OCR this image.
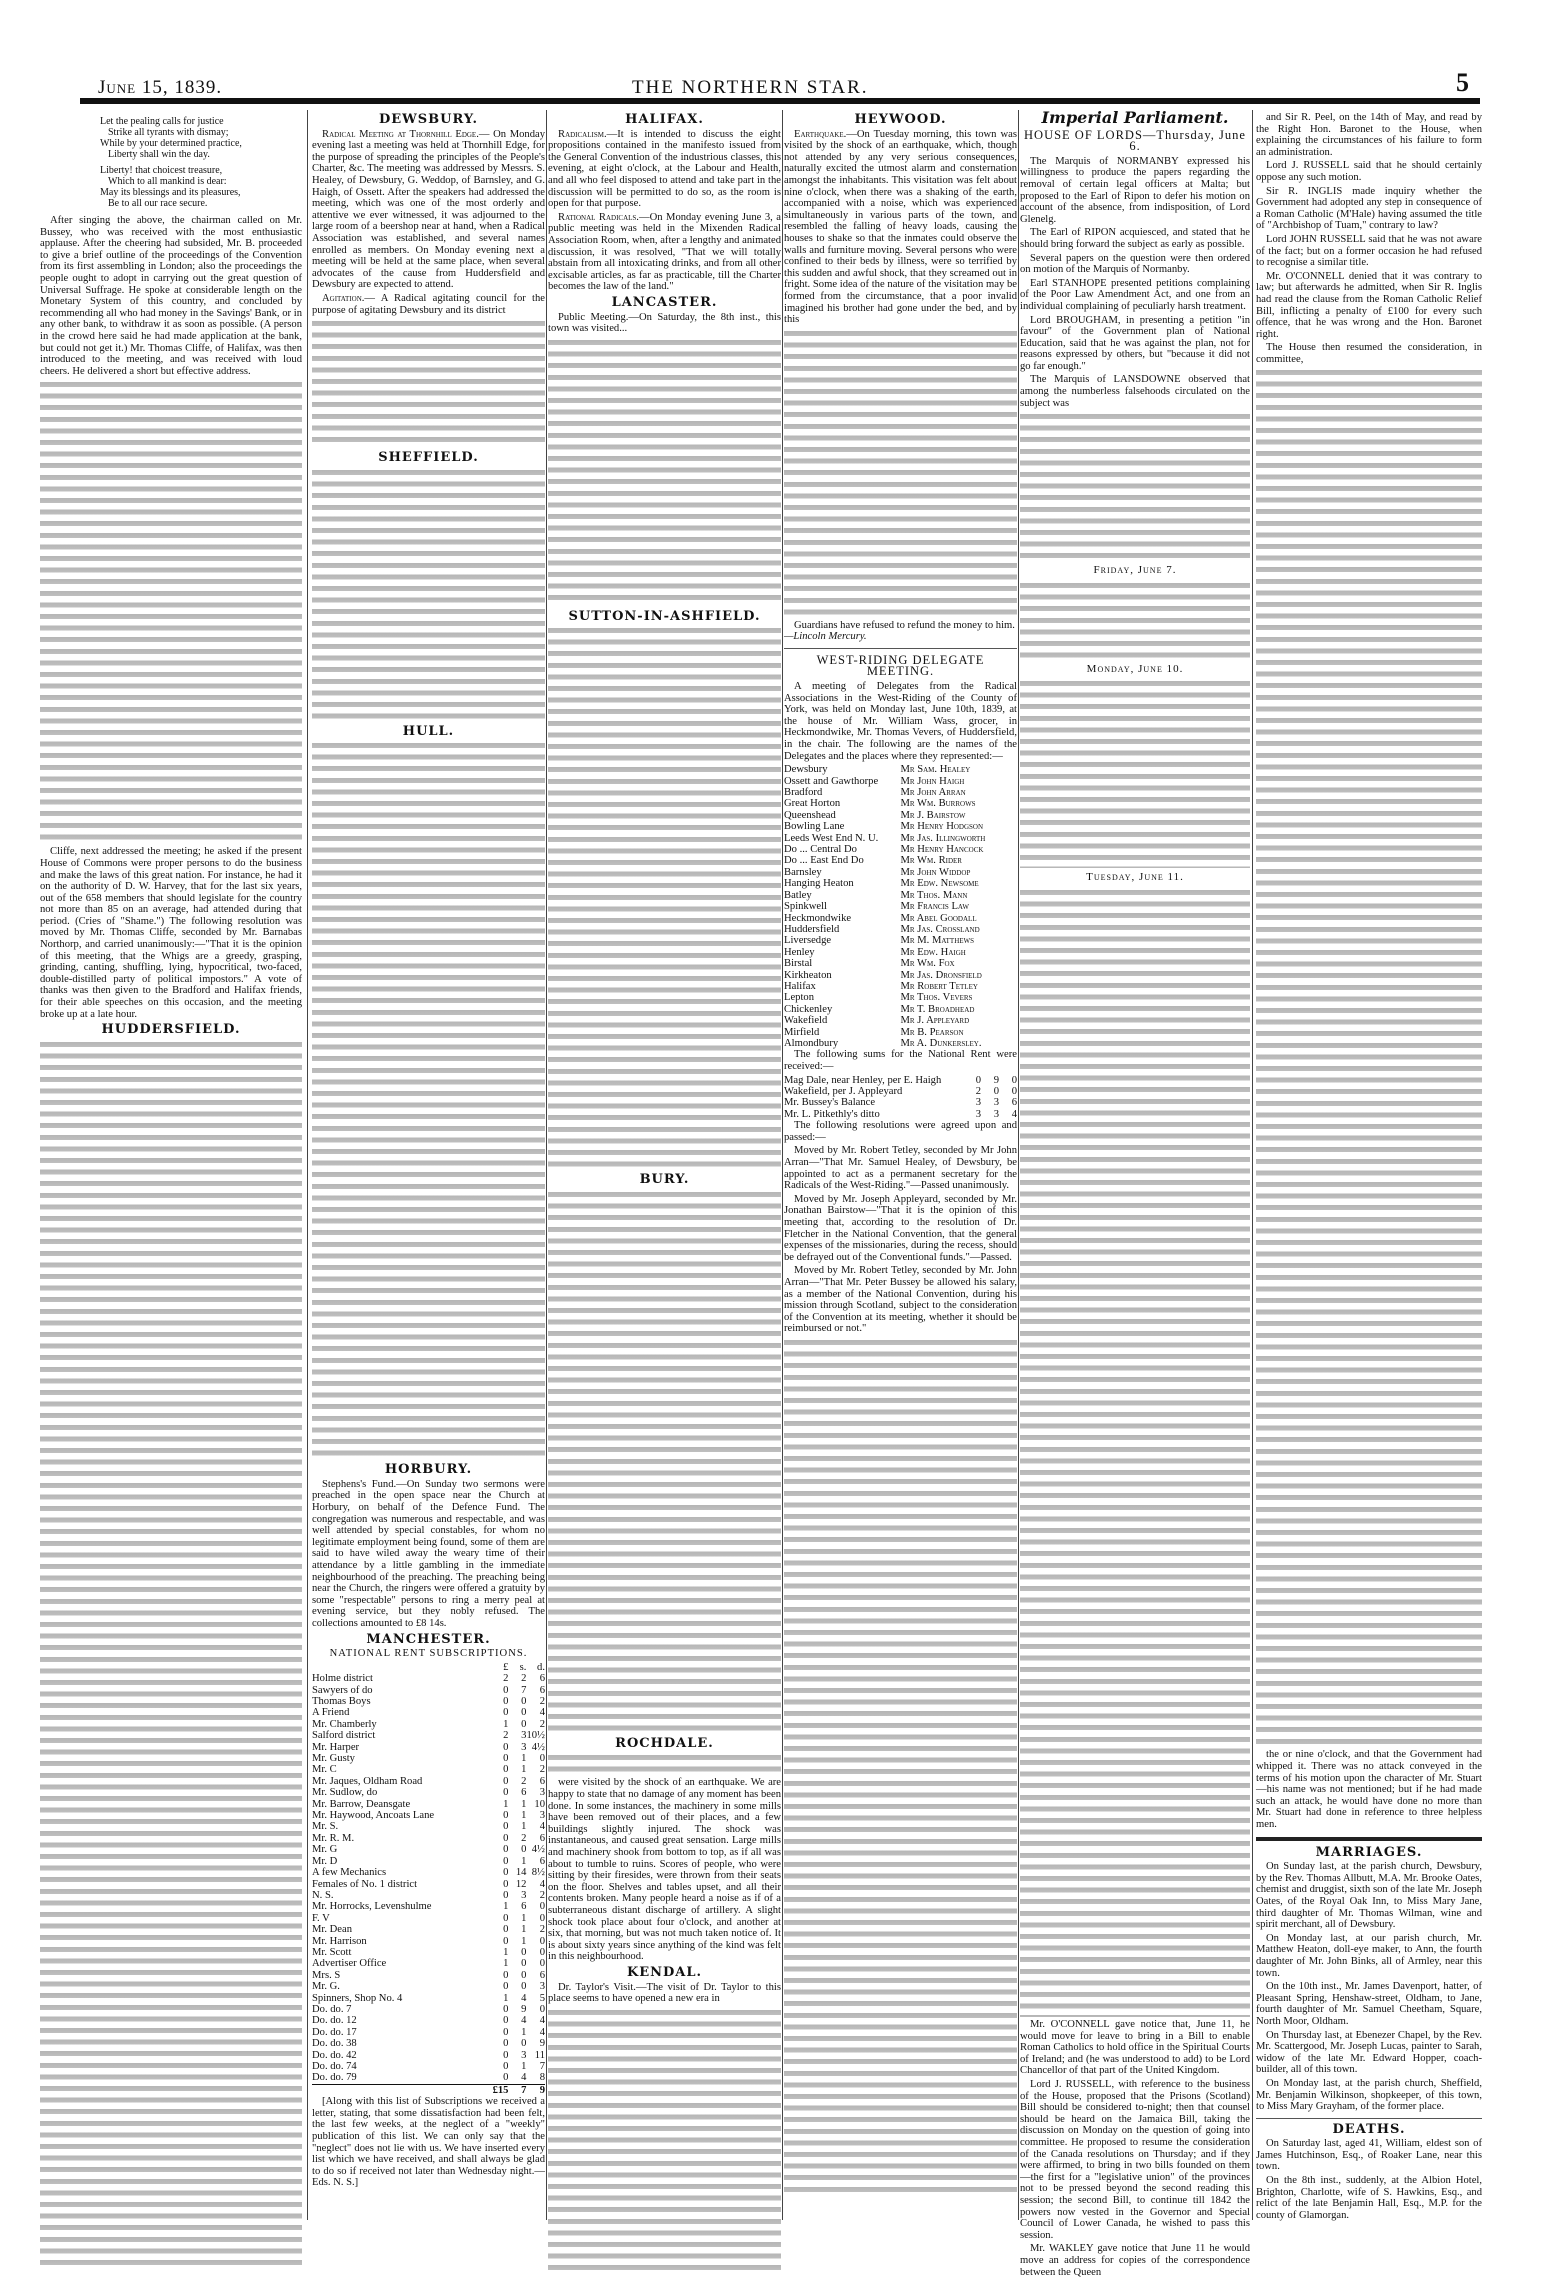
June 15, 1839.	THE NORTHERN STAR.	5
Let the pealing calls for justice
Strike all tyrants with dismay;
While by your determined practice,
Liberty shall win the day.
Liberty! that choicest treasure,
Which to all mankind is dear:
May its blessings and its pleasures,
Be to all our race secure.

After singing the above, the chairman called on Mr. Bussey, who was received with the most enthusiastic applause. After the cheering had subsided, Mr. B. proceeded to give a brief outline of the proceedings of the Convention from its first assembling in London; also the proceedings the people ought to adopt in carrying out the great question of Universal Suffrage. He spoke at considerable length on the Monetary System of this country, and concluded by recommending all who had money in the Savings' Bank, or in any other bank, to withdraw it as soon as possible. (A person in the crowd here said he had made application at the bank, but could not get it.) Mr. Thomas Cliffe, of Halifax, was then introduced to the meeting, and was received with loud cheers. He delivered a short but effective address.

Cliffe, next addressed the meeting; he asked if the present House of Commons were proper persons to do the business and make the laws of this great nation. For instance, he had it on the authority of D. W. Harvey, that for the last six years, out of the 658 members that should legislate for the country not more than 85 on an average, had attended during that period. (Cries of "Shame.") The following resolution was moved by Mr. Thomas Cliffe, seconded by Mr. Barnabas Northorp, and carried unanimously:—"That it is the opinion of this meeting, that the Whigs are a greedy, grasping, grinding, canting, shuffling, lying, hypocritical, two-faced, double-distilled party of political impostors." A vote of thanks was then given to the Bradford and Halifax friends, for their able speeches on this occasion, and the meeting broke up at a late hour.

HUDDERSFIELD.
DEWSBURY.

Radical Meeting at Thornhill Edge.— On Monday evening last a meeting was held at Thornhill Edge, for the purpose of spreading the principles of the People's Charter, &c. The meeting was addressed by Messrs. S. Healey, of Dewsbury, G. Weddop, of Barnsley, and G. Haigh, of Ossett. After the speakers had addressed the meeting, which was one of the most orderly and attentive we ever witnessed, it was adjourned to the large room of a beershop near at hand, when a Radical Association was established, and several names enrolled as members. On Monday evening next a meeting will be held at the same place, when several advocates of the cause from Huddersfield and Dewsbury are expected to attend.

Agitation.— A Radical agitating council for the purpose of agitating Dewsbury and its district

SHEFFIELD.
HULL.
HORBURY.

Stephens's Fund.—On Sunday two sermons were preached in the open space near the Church at Horbury, on behalf of the Defence Fund. The congregation was numerous and respectable, and was well attended by special constables, for whom no legitimate employment being found, some of them are said to have wiled away the weary time of their attendance by a little gambling in the immediate neighbourhood of the preaching. The preaching being near the Church, the ringers were offered a gratuity by some "respectable" persons to ring a merry peal at evening service, but they nobly refused. The collections amounted to £8 14s.

MANCHESTER.
NATIONAL RENT SUBSCRIPTIONS.
	£	s.	d.
Holme district	2	2	6
Sawyers of do	0	7	6
Thomas Boys	0	0	2
A Friend	0	0	4
Mr. Chamberly	1	0	2
Salford district	2	3	10½
Mr. Harper	0	3	4½
Mr. Gusty	0	1	0
Mr. C	0	1	2
Mr. Jaques, Oldham Road	0	2	6
Mr. Sudlow, do	0	6	3
Mr. Barrow, Deansgate	1	1	10
Mr. Haywood, Ancoats Lane	0	1	3
Mr. S.	0	1	4
Mr. R. M.	0	2	6
Mr. G	0	0	4½
Mr. D	0	1	6
A few Mechanics	0	14	8½
Females of No. 1 district	0	12	4
N. S.	0	3	2
Mr. Horrocks, Levenshulme	1	6	0
F. V	0	1	0
Mr. Dean	0	1	2
Mr. Harrison	0	1	0
Mr. Scott	1	0	0
Advertiser Office	1	0	0
Mrs. S	0	0	6
Mr. G.	0	0	3
Spinners, Shop No. 4	1	4	5
Do. do. 7	0	9	0
Do. do. 12	0	4	4
Do. do. 17	0	1	4
Do. do. 38	0	0	9
Do. do. 42	0	3	11
Do. do. 74	0	1	7
Do. do. 79	0	4	8
	£15	7	9

[Along with this list of Subscriptions we received a letter, stating, that some dissatisfaction had been felt, the last few weeks, at the neglect of a "weekly" publication of this list. We can only say that the "neglect" does not lie with us. We have inserted every list which we have received, and shall always be glad to do so if received not later than Wednesday night.—Eds. N. S.]

HALIFAX.

Radicalism.—It is intended to discuss the eight propositions contained in the manifesto issued from the General Convention of the industrious classes, this evening, at eight o'clock, at the Labour and Health, and all who feel disposed to attend and take part in the discussion will be permitted to do so, as the room is open for that purpose.

Rational Radicals.—On Monday evening June 3, a public meeting was held in the Mixenden Radical Association Room, when, after a lengthy and animated discussion, it was resolved, "That we will totally abstain from all intoxicating drinks, and from all other excisable articles, as far as practicable, till the Charter becomes the law of the land."

LANCASTER.

Public Meeting.—On Saturday, the 8th inst., this town was visited...

SUTTON-IN-ASHFIELD.
BURY.
ROCHDALE.

were visited by the shock of an earthquake. We are happy to state that no damage of any moment has been done. In some instances, the machinery in some mills have been removed out of their places, and a few buildings slightly injured. The shock was instantaneous, and caused great sensation. Large mills and machinery shook from bottom to top, as if all was about to tumble to ruins. Scores of people, who were sitting by their firesides, were thrown from their seats on the floor. Shelves and tables upset, and all their contents broken. Many people heard a noise as if of a subterraneous distant discharge of artillery. A slight shock took place about four o'clock, and another at six, that morning, but was not much taken notice of. It is about sixty years since anything of the kind was felt in this neighbourhood.

KENDAL.

Dr. Taylor's Visit.—The visit of Dr. Taylor to this place seems to have opened a new era in

HEYWOOD.

Earthquake.—On Tuesday morning, this town was visited by the shock of an earthquake, which, though not attended by any very serious consequences, naturally excited the utmost alarm and consternation amongst the inhabitants. This visitation was felt about nine o'clock, when there was a shaking of the earth, accompanied with a noise, which was experienced simultaneously in various parts of the town, and resembled the falling of heavy loads, causing the houses to shake so that the inmates could observe the walls and furniture moving. Several persons who were confined to their beds by illness, were so terrified by this sudden and awful shock, that they screamed out in fright. Some idea of the nature of the visitation may be formed from the circumstance, that a poor invalid imagined his brother had gone under the bed, and by this

Guardians have refused to refund the money to him.
—Lincoln Mercury.

WEST-RIDING DELEGATE MEETING.

A meeting of Delegates from the Radical Associations in the West-Riding of the County of York, was held on Monday last, June 10th, 1839, at the house of Mr. William Wass, grocer, in Heckmondwike, Mr. Thomas Vevers, of Huddersfield, in the chair. The following are the names of the Delegates and the places where they represented:—

Dewsbury	Mr Sam. Healey
Ossett and Gawthorpe	Mr John Haigh
Bradford	Mr John Arran
Great Horton	Mr Wm. Burrows
Queenshead	Mr J. Bairstow
Bowling Lane	Mr Henry Hodgson
Leeds West End N. U.	Mr Jas. Illingworth
Do ... Central Do	Mr Henry Hancock
Do ... East End Do	Mr Wm. Rider
Barnsley	Mr John Widdop
Hanging Heaton	Mr Edw. Newsome
Batley	Mr Thos. Mann
Spinkwell	Mr Francis Law
Heckmondwike	Mr Abel Goodall
Huddersfield	Mr Jas. Crossland
Liversedge	Mr M. Matthews
Henley	Mr Edw. Haigh
Birstal	Mr Wm. Fox
Kirkheaton	Mr Jas. Dronsfield
Halifax	Mr Robert Tetley
Lepton	Mr Thos. Vevers
Chickenley	Mr T. Broadhead
Wakefield	Mr J. Appleyard
Mirfield	Mr B. Pearson
Almondbury	Mr A. Dunkersley.

The following sums for the National Rent were received:—

Mag Dale, near Henley, per E. Haigh	0	9	0
Wakefield, per J. Appleyard	2	0	0
Mr. Bussey's Balance	3	3	6
Mr. L. Pitkethly's ditto	3	3	4

The following resolutions were agreed upon and passed:—

Moved by Mr. Robert Tetley, seconded by Mr John Arran—"That Mr. Samuel Healey, of Dewsbury, be appointed to act as a permanent secretary for the Radicals of the West-Riding."—Passed unanimously.

Moved by Mr. Joseph Appleyard, seconded by Mr. Jonathan Bairstow—"That it is the opinion of this meeting that, according to the resolution of Dr. Fletcher in the National Convention, that the general expenses of the missionaries, during the recess, should be defrayed out of the Conventional funds."—Passed.

Moved by Mr. Robert Tetley, seconded by Mr. John Arran—"That Mr. Peter Bussey be allowed his salary, as a member of the National Convention, during his mission through Scotland, subject to the consideration of the Convention at its meeting, whether it should be reimbursed or not."

Imperial Parliament.
HOUSE OF LORDS—Thursday, June 6.

The Marquis of NORMANBY expressed his willingness to produce the papers regarding the removal of certain legal officers at Malta; but proposed to the Earl of Ripon to defer his motion on account of the absence, from indisposition, of Lord Glenelg.

The Earl of RIPON acquiesced, and stated that he should bring forward the subject as early as possible.

Several papers on the question were then ordered on motion of the Marquis of Normanby.

Earl STANHOPE presented petitions complaining of the Poor Law Amendment Act, and one from an individual complaining of peculiarly harsh treatment.

Lord BROUGHAM, in presenting a petition "in favour" of the Government plan of National Education, said that he was against the plan, not for reasons expressed by others, but "because it did not go far enough."

The Marquis of LANSDOWNE observed that among the numberless falsehoods circulated on the subject was

Friday, June 7.
Monday, June 10.
Tuesday, June 11.

Mr. O'CONNELL gave notice that, June 11, he would move for leave to bring in a Bill to enable Roman Catholics to hold office in the Spiritual Courts of Ireland; and (he was understood to add) to be Lord Chancellor of that part of the United Kingdom.

Lord J. RUSSELL, with reference to the business of the House, proposed that the Prisons (Scotland) Bill should be considered to-night; then that counsel should be heard on the Jamaica Bill, taking the discussion on Monday on the question of going into committee. He proposed to resume the consideration of the Canada resolutions on Thursday; and if they were affirmed, to bring in two bills founded on them—the first for a "legislative union" of the provinces not to be pressed beyond the second reading this session; the second Bill, to continue till 1842 the powers now vested in the Governor and Special Council of Lower Canada, he wished to pass this session.

Mr. WAKLEY gave notice that June 11 he would move an address for copies of the correspondence between the Queen

and Sir R. Peel, on the 14th of May, and read by the Right Hon. Baronet to the House, when explaining the circumstances of his failure to form an administration.

Lord J. RUSSELL said that he should certainly oppose any such motion.

Sir R. INGLIS made inquiry whether the Government had adopted any step in consequence of a Roman Catholic (M'Hale) having assumed the title of "Archbishop of Tuam," contrary to law?

Lord JOHN RUSSELL said that he was not aware of the fact; but on a former occasion he had refused to recognise a similar title.

Mr. O'CONNELL denied that it was contrary to law; but afterwards he admitted, when Sir R. Inglis had read the clause from the Roman Catholic Relief Bill, inflicting a penalty of £100 for every such offence, that he was wrong and the Hon. Baronet right.

The House then resumed the consideration, in committee,

the or nine o'clock, and that the Government had whipped it. There was no attack conveyed in the terms of his motion upon the character of Mr. Stuart—his name was not mentioned; but if he had made such an attack, he would have done no more than Mr. Stuart had done in reference to three helpless men.

MARRIAGES.

On Sunday last, at the parish church, Dewsbury, by the Rev. Thomas Allbutt, M.A. Mr. Brooke Oates, chemist and druggist, sixth son of the late Mr. Joseph Oates, of the Royal Oak Inn, to Miss Mary Jane, third daughter of Mr. Thomas Wilman, wine and spirit merchant, all of Dewsbury.

On Monday last, at our parish church, Mr. Matthew Heaton, doll-eye maker, to Ann, the fourth daughter of Mr. John Binks, all of Armley, near this town.

On the 10th inst., Mr. James Davenport, hatter, of Pleasant Spring, Henshaw-street, Oldham, to Jane, fourth daughter of Mr. Samuel Cheetham, Square, North Moor, Oldham.

On Thursday last, at Ebenezer Chapel, by the Rev. Mr. Scattergood, Mr. Joseph Lucas, painter to Sarah, widow of the late Mr. Edward Hopper, coach-builder, all of this town.

On Monday last, at the parish church, Sheffield, Mr. Benjamin Wilkinson, shopkeeper, of this town, to Miss Mary Grayham, of the former place.

DEATHS.

On Saturday last, aged 41, William, eldest son of James Hutchinson, Esq., of Roaker Lane, near this town.

On the 8th inst., suddenly, at the Albion Hotel, Brighton, Charlotte, wife of S. Hawkins, Esq., and relict of the late Benjamin Hall, Esq., M.P. for the county of Glamorgan.
